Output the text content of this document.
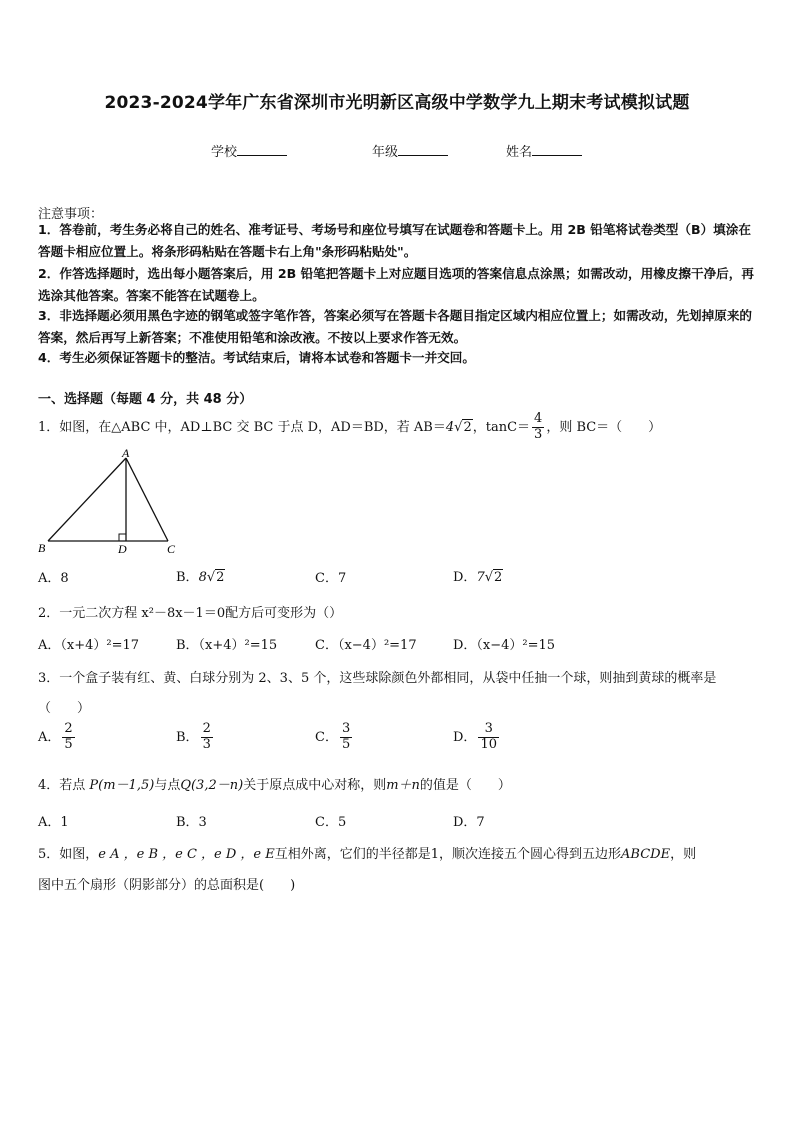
2023-2024学年广东省深圳市光明新区高级中学数学九上期末考试模拟试题
学校	年级	姓名
注意事项：
1．答卷前，考生务必将自己的姓名、准考证号、考场号和座位号填写在试题卷和答题卡上。用 2B 铅笔将试卷类型（B）填涂在答题卡相应位置上。将条形码粘贴在答题卡右上角"条形码粘贴处"。
2．作答选择题时，选出每小题答案后，用 2B 铅笔把答题卡上对应题目选项的答案信息点涂黑；如需改动，用橡皮擦干净后，再选涂其他答案。答案不能答在试题卷上。
3．非选择题必须用黑色字迹的钢笔或签字笔作答，答案必须写在答题卡各题目指定区域内相应位置上；如需改动，先划掉原来的答案，然后再写上新答案；不准使用铅笔和涂改液。不按以上要求作答无效。
4．考生必须保证答题卡的整洁。考试结束后，请将本试卷和答题卡一并交回。
一、选择题（每题 4 分，共 48 分）
1．如图，在△ABC 中，AD⊥BC 交 BC 于点 D，AD＝BD，若 AB＝4√2，$\tan C= \frac{4}{3}$ ，则 BC＝（　　）
A
B	D	C
A．8	B．8√2	C．7	D．7√2
2．一元二次方程 x²－8x－1＝0配方后可变形为（）
A．（x+4）²=17	B．（x+4）²=15	C．（x−4）²=17	D．（x−4）²=15
3．一个盒子装有红、黄、白球分别为 2、3、5 个，这些球除颜色外都相同，从袋中任抽一个球，则抽到黄球的概率是
（　　）
A． $\frac{2}{5}$	B． $\frac{2}{3}$	C． $\frac{3}{5}$	D． $\frac{3}{10}$
4．若点 P(m－1,5)与点Q(3,2－n)关于原点成中心对称，则m＋n的值是（　　）
A．1	B．3	C．5	D．7
5．如图，e A ，e B ，e C ，e D ，e E互相外离，它们的半径都是1，顺次连接五个圆心得到五边形ABCDE，则
图中五个扇形（阴影部分）的总面积是(　　)
